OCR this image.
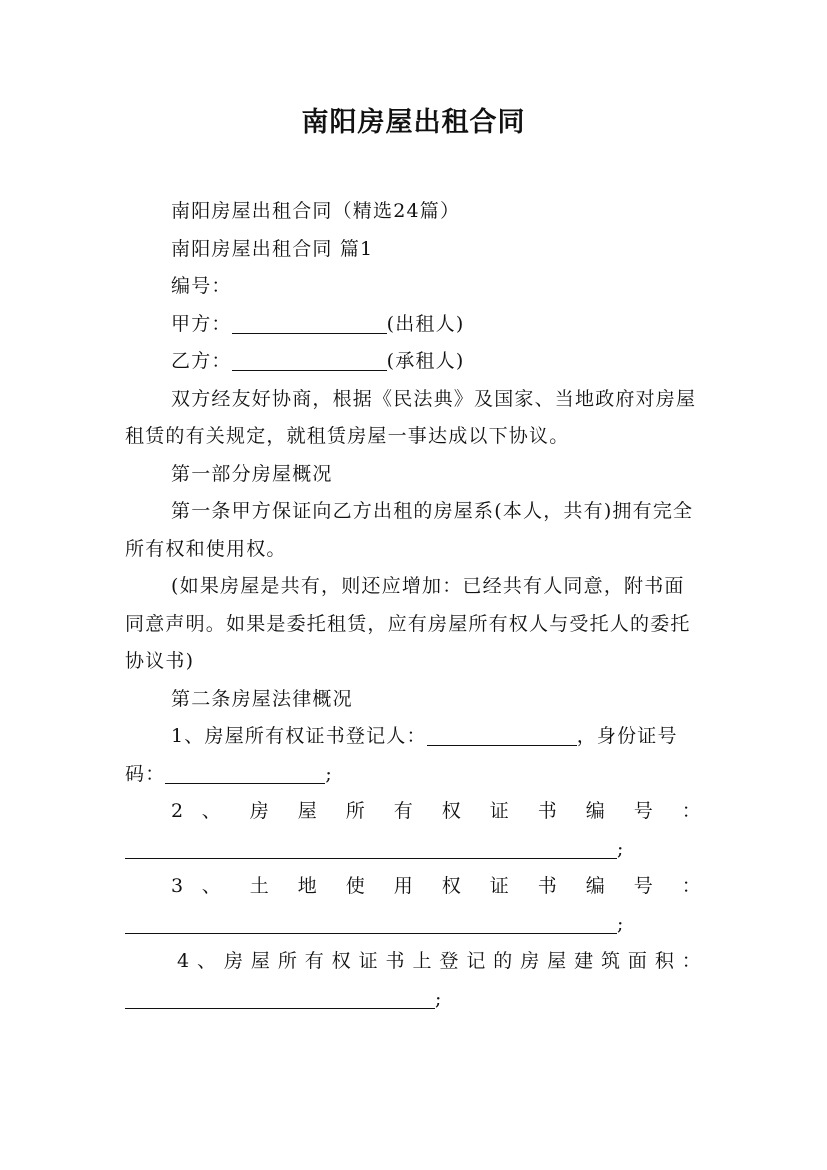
南阳房屋出租合同

南阳房屋出租合同（精选24篇）

南阳房屋出租合同 篇1

编号：

甲方：	(出租人)

乙方：	(承租人)

双方经友好协商，根据《民法典》及国家、当地政府对房屋租赁的有关规定，就租赁房屋一事达成以下协议。

第一部分房屋概况

第一条甲方保证向乙方出租的房屋系(本人，共有)拥有完全所有权和使用权。

(如果房屋是共有，则还应增加：已经共有人同意，附书面同意声明。如果是委托租赁，应有房屋所有权人与受托人的委托协议书)

第二条房屋法律概况

1、房屋所有权证书登记人：	，身份证号码：	;

2 、 房 屋 所 有 权 证 书 编 号 ：

;

3 、 土 地 使 用 权 证 书 编 号 ：

;

4、房屋所有权证书上登记的房屋建筑面积：

;
